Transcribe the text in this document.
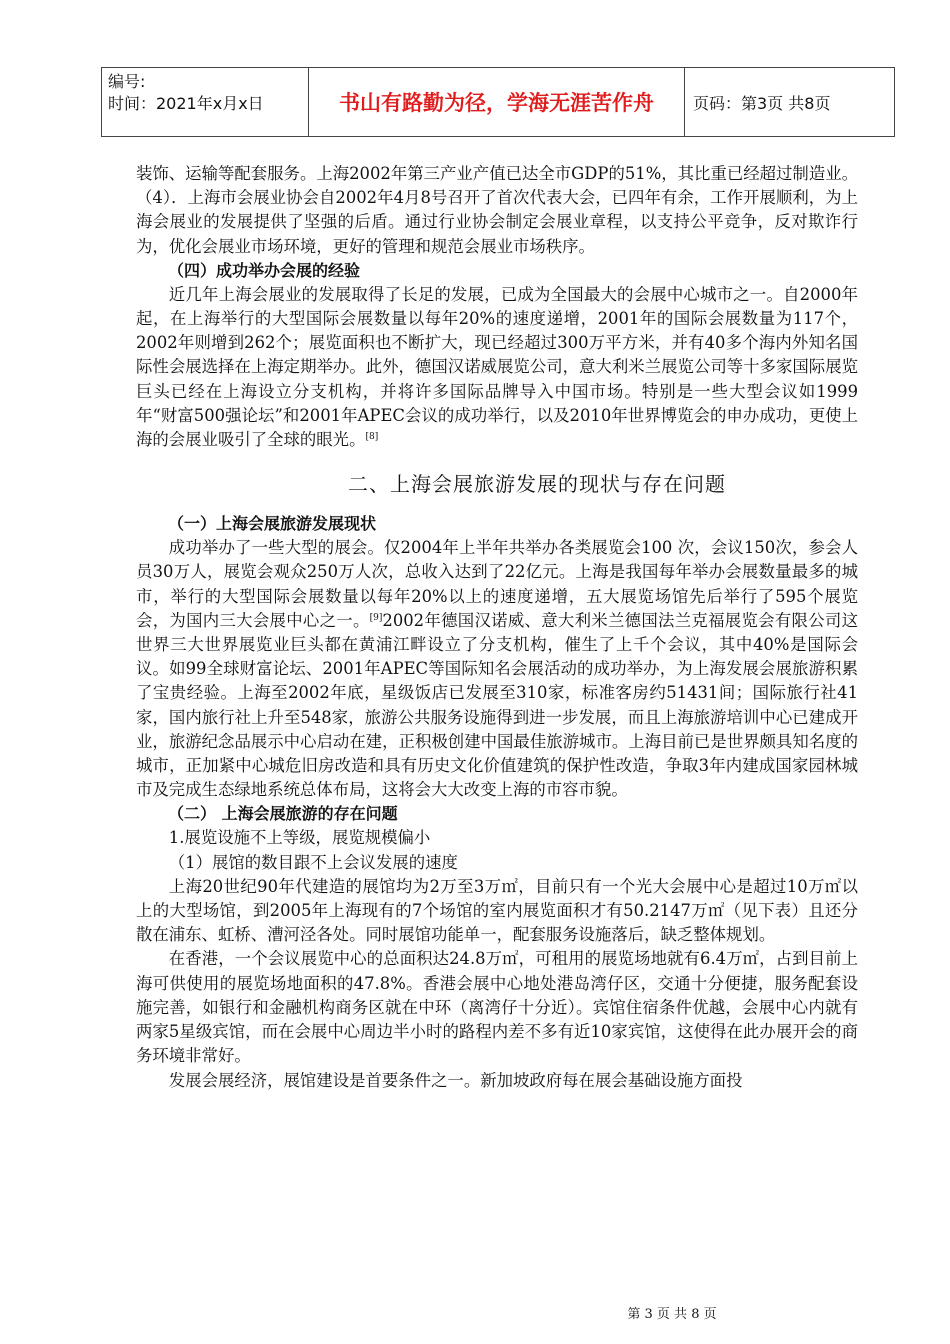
编号:
时间：2021年x月x日	书山有路勤为径，学海无涯苦作舟	页码：第3页 共8页

装饰、运输等配套服务。上海2002年第三产业产值已达全市GDP的51%，其比重已经超过制造业。（4）．上海市会展业协会自2002年4月8号召开了首次代表大会，已四年有余，工作开展顺利，为上海会展业的发展提供了坚强的后盾。通过行业协会制定会展业章程，以支持公平竞争，反对欺诈行为，优化会展业市场环境，更好的管理和规范会展业市场秩序。

（四）成功举办会展的经验

近几年上海会展业的发展取得了长足的发展，已成为全国最大的会展中心城市之一。自2000年起，在上海举行的大型国际会展数量以每年20%的速度递增，2001年的国际会展数量为117个，2002年则增到262个；展览面积也不断扩大，现已经超过300万平方米，并有40多个海内外知名国际性会展选择在上海定期举办。此外，德国汉诺威展览公司，意大利米兰展览公司等十多家国际展览巨头已经在上海设立分支机构，并将许多国际品牌导入中国市场。特别是一些大型会议如1999年“财富500强论坛”和2001年APEC会议的成功举行，以及2010年世界博览会的申办成功，更使上海的会展业吸引了全球的眼光。[8]

二、上海会展旅游发展的现状与存在问题

（一）上海会展旅游发展现状

成功举办了一些大型的展会。仅2004年上半年共举办各类展览会100 次，会议150次，参会人员30万人，展览会观众250万人次，总收入达到了22亿元。上海是我国每年举办会展数量最多的城市，举行的大型国际会展数量以每年20%以上的速度递增，五大展览场馆先后举行了595个展览会，为国内三大会展中心之一。[9]2002年德国汉诺威、意大利米兰德国法兰克福展览会有限公司这世界三大世界展览业巨头都在黄浦江畔设立了分支机构，催生了上千个会议，其中40%是国际会议。如99全球财富论坛、2001年APEC等国际知名会展活动的成功举办，为上海发展会展旅游积累了宝贵经验。上海至2002年底，星级饭店已发展至310家，标准客房约51431间；国际旅行社41家，国内旅行社上升至548家，旅游公共服务设施得到进一步发展，而且上海旅游培训中心已建成开业，旅游纪念品展示中心启动在建，正积极创建中国最佳旅游城市。上海目前已是世界颇具知名度的城市，正加紧中心城危旧房改造和具有历史文化价值建筑的保护性改造，争取3年内建成国家园林城市及完成生态绿地系统总体布局，这将会大大改变上海的市容市貌。

（二） 上海会展旅游的存在问题

1.展览设施不上等级，展览规模偏小

（1）展馆的数目跟不上会议发展的速度

上海20世纪90年代建造的展馆均为2万至3万㎡，目前只有一个光大会展中心是超过10万㎡以上的大型场馆，到2005年上海现有的7个场馆的室内展览面积才有50.2147万㎡（见下表）且还分散在浦东、虹桥、漕河泾各处。同时展馆功能单一，配套服务设施落后，缺乏整体规划。

在香港，一个会议展览中心的总面积达24.8万㎡，可租用的展览场地就有6.4万㎡，占到目前上海可供使用的展览场地面积的47.8%。香港会展中心地处港岛湾仔区，交通十分便捷，服务配套设施完善，如银行和金融机构商务区就在中环（离湾仔十分近）。宾馆住宿条件优越，会展中心内就有两家5星级宾馆，而在会展中心周边半小时的路程内差不多有近10家宾馆，这使得在此办展开会的商务环境非常好。

发展会展经济，展馆建设是首要条件之一。新加坡政府每在展会基础设施方面投

第 3 页 共 8 页
